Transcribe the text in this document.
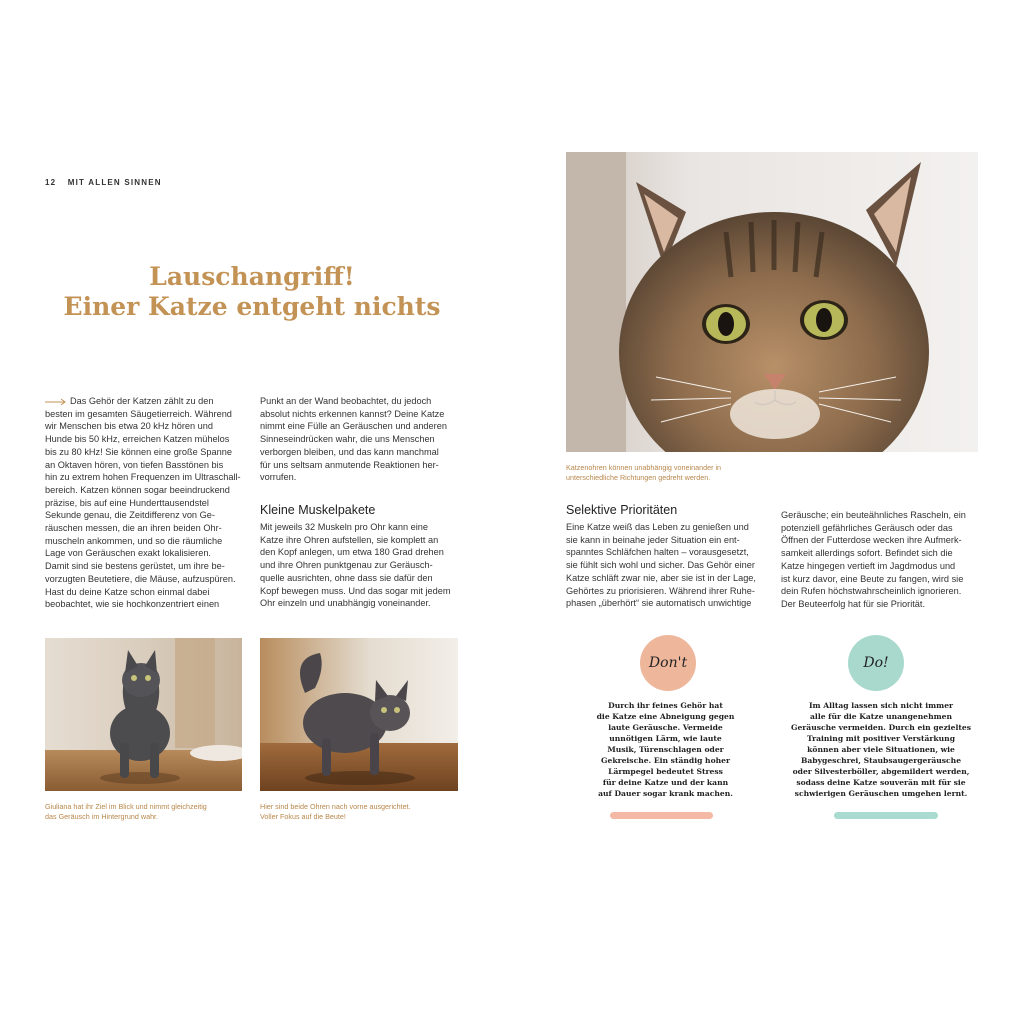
12 MIT ALLEN SINNEN
Lauschangriff!
Einer Katze entgeht nichts
Das Gehör der Katzen zählt zu den
besten im gesamten Säugetierreich. Während
wir Menschen bis etwa 20 kHz hören und
Hunde bis 50 kHz, erreichen Katzen mühelos
bis zu 80 kHz! Sie können eine große Spanne
an Oktaven hören, von tiefen Basstönen bis
hin zu extrem hohen Frequenzen im Ultraschall-
bereich. Katzen können sogar beeindruckend
präzise, bis auf eine Hunderttausendstel
Sekunde genau, die Zeitdifferenz von Ge-
räuschen messen, die an ihren beiden Ohr-
muscheln ankommen, und so die räumliche
Lage von Geräuschen exakt lokalisieren.
Damit sind sie bestens gerüstet, um ihre be-
vorzugten Beutetiere, die Mäuse, aufzuspüren.
Hast du deine Katze schon einmal dabei
beobachtet, wie sie hochkonzentriert einen
Punkt an der Wand beobachtet, du jedoch
absolut nichts erkennen kannst? Deine Katze
nimmt eine Fülle an Geräuschen und anderen
Sinneseindrücken wahr, die uns Menschen
verborgen bleiben, und das kann manchmal
für uns seltsam anmutende Reaktionen her-
vorrufen.
Kleine Muskelpakete
Mit jeweils 32 Muskeln pro Ohr kann eine
Katze ihre Ohren aufstellen, sie komplett an
den Kopf anlegen, um etwa 180 Grad drehen
und ihre Ohren punktgenau zur Geräusch-
quelle ausrichten, ohne dass sie dafür den
Kopf bewegen muss. Und das sogar mit jedem
Ohr einzeln und unabhängig voneinander.
Giuliana hat ihr Ziel im Blick und nimmt gleichzeitig
das Geräusch im Hintergrund wahr.
Hier sind beide Ohren nach vorne ausgerichtet.
Voller Fokus auf die Beute!
Katzenohren können unabhängig voneinander in
unterschiedliche Richtungen gedreht werden.
Selektive Prioritäten
Eine Katze weiß das Leben zu genießen und
sie kann in beinahe jeder Situation ein ent-
spanntes Schläfchen halten – vorausgesetzt,
sie fühlt sich wohl und sicher. Das Gehör einer
Katze schläft zwar nie, aber sie ist in der Lage,
Gehörtes zu priorisieren. Während ihrer Ruhe-
phasen „überhört“ sie automatisch unwichtige
Geräusche; ein beuteähnliches Rascheln, ein
potenziell gefährliches Geräusch oder das
Öffnen der Futterdose wecken ihre Aufmerk-
samkeit allerdings sofort. Befindet sich die
Katze hingegen vertieft im Jagdmodus und
ist kurz davor, eine Beute zu fangen, wird sie
dein Rufen höchstwahrscheinlich ignorieren.
Der Beuteerfolg hat für sie Priorität.
Don't
Durch ihr feines Gehör hat
die Katze eine Abneigung gegen
laute Geräusche. Vermeide
unnötigen Lärm, wie laute
Musik, Türenschlagen oder
Gekreische. Ein ständig hoher
Lärmpegel bedeutet Stress
für deine Katze und der kann
auf Dauer sogar krank machen.
Do!
Im Alltag lassen sich nicht immer
alle für die Katze unangenehmen
Geräusche vermeiden. Durch ein gezieltes
Training mit positiver Verstärkung
können aber viele Situationen, wie
Babygeschrei, Staubsaugergeräusche
oder Silvesterböller, abgemildert werden,
sodass deine Katze souverän mit für sie
schwierigen Geräuschen umgehen lernt.
